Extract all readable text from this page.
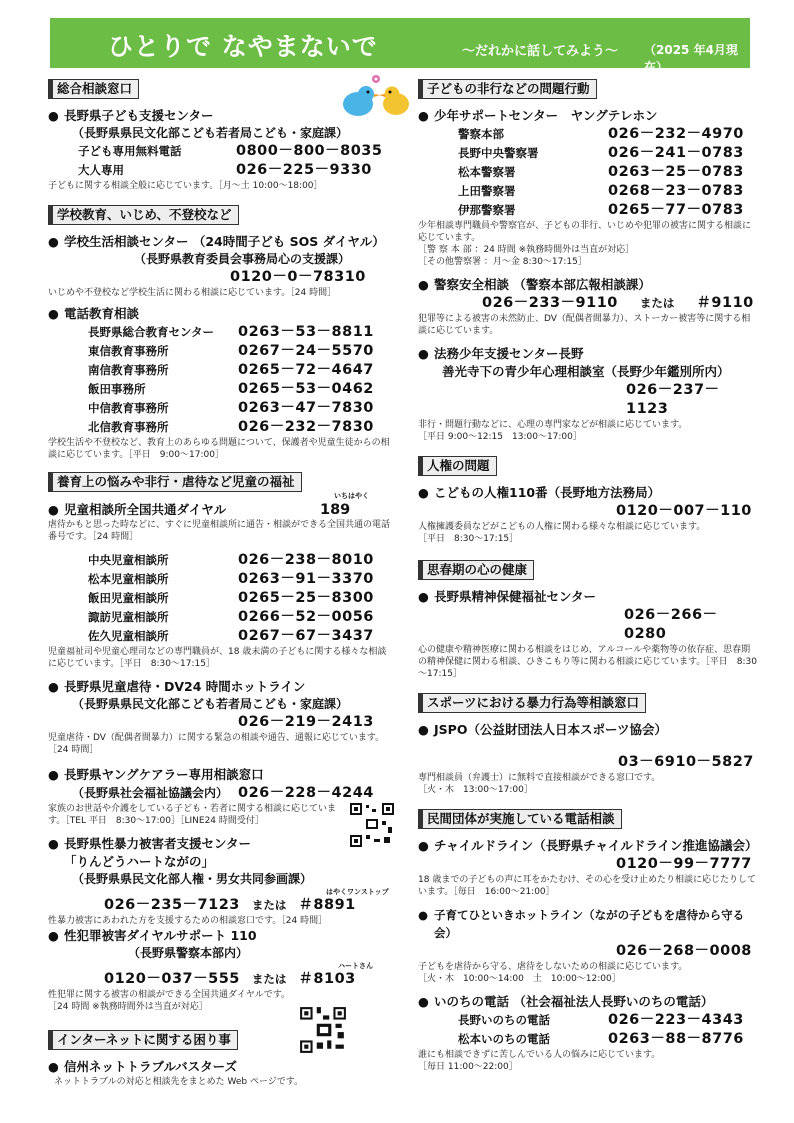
ひとりで なやまないで	～だれかに話してみよう～ （2025 年4月現在）
総合相談窓口
● 長野県子ども支援センター
（長野県県民文化部こども若者局こども・家庭課）
子ども専用無料電話	0800－800－8035
大人専用	026－225－9330
子どもに関する相談全般に応じています。［月～土 10:00～18:00］
学校教育、いじめ、不登校など
● 学校生活相談センター （24時間子ども SOS ダイヤル）
（長野県教育委員会事務局心の支援課）
0120－0－78310
いじめや不登校など学校生活に関わる相談に応じています。［24 時間］
● 電話教育相談
長野県総合教育センター	0263－53－8811
東信教育事務所	0267－24－5570
南信教育事務所	0265－72－4647
飯田事務所	0265－53－0462
中信教育事務所	0263－47－7830
北信教育事務所	026－232－7830
学校生活や不登校など、教育上のあらゆる問題について、保護者や児童生徒からの相談に応じています。［平日　9:00～17:00］
養育上の悩みや非行・虐待など児童の福祉
いちはやく
● 児童相談所全国共通ダイヤル	189
虐待かもと思った時などに、すぐに児童相談所に通告・相談ができる全国共通の電話番号です。［24 時間］
中央児童相談所	026－238－8010
松本児童相談所	0263－91－3370
飯田児童相談所	0265－25－8300
諏訪児童相談所	0266－52－0056
佐久児童相談所	0267－67－3437
児童福祉司や児童心理司などの専門職員が、18 歳未満の子どもに関する様々な相談に応じています。［平日　8:30～17:15］
● 長野県児童虐待・DV24 時間ホットライン
（長野県県民文化部こども若者局こども・家庭課）
026－219－2413
児童虐待・DV（配偶者間暴力）に関する緊急の相談や通告、通報に応じています。［24 時間］
● 長野県ヤングケアラー専用相談窓口
（長野県社会福祉協議会内） 026－228－4244
家族のお世話や介護をしている子ども・若者に関する相談に応じています。［TEL 平日　8:30～17:00］［LINE24 時間受付］
● 長野県性暴力被害者支援センター
「りんどうハートながの」
（長野県県民文化部人権・男女共同参画課）
はやくワンストップ
026－235－7123	または ＃8891
性暴力被害にあわれた方を支援するための相談窓口です。［24 時間］
● 性犯罪被害ダイヤルサポート 110
（長野県警察本部内）
ハートさん
0120－037－555	または ＃8103
性犯罪に関する被害の相談ができる全国共通ダイヤルです。
［24 時間 ※執務時間外は当直が対応］
インターネットに関する困り事
● 信州ネットトラブルバスターズ
ネットトラブルの対応と相談先をまとめた Web ページです。
子どもの非行などの問題行動
● 少年サポートセンター　ヤングテレホン
警察本部	026－232－4970
長野中央警察署	026－241－0783
松本警察署	0263－25－0783
上田警察署	0268－23－0783
伊那警察署	0265－77－0783
少年相談専門職員や警察官が、子どもの非行、いじめや犯罪の被害に関する相談に応じています。
［警 察 本 部 ：24 時間 ※執務時間外は当直が対応］
［その他警察署 ：月～金 8:30～17:15］
● 警察安全相談 （警察本部広報相談課）
026－233－9110	または	＃9110
犯罪等による被害の未然防止、DV（配偶者間暴力）、ストーカー被害等に関する相談に応じています。
● 法務少年支援センター長野
善光寺下の青少年心理相談室（長野少年鑑別所内）
026－237－1123
非行・問題行動などに、心理の専門家などが相談に応じています。
［平日 9:00～12:15　13:00～17:00］
人権の問題
● こどもの人権110番（長野地方法務局）
0120－007－110
人権擁護委員などがこどもの人権に関わる様々な相談に応じています。
［平日　8:30～17:15］
思春期の心の健康
● 長野県精神保健福祉センター
026－266－0280
心の健康や精神医療に関わる相談をはじめ、アルコールや薬物等の依存症、思春期の精神保健に関わる相談、ひきこもり等に関わる相談に応じています。［平日　8:30～17:15］
スポーツにおける暴力行為等相談窓口
● JSPO（公益財団法人日本スポーツ協会）
03－6910－5827
専門相談員（弁護士）に無料で直接相談ができる窓口です。
［火・木　13:00～17:00］
民間団体が実施している電話相談
● チャイルドライン（長野県チャイルドライン推進協議会）
0120－99－7777
18 歳までの子どもの声に耳をかたむけ、その心を受け止めたり相談に応じたりしています。［毎日　16:00～21:00］
● 子育てひといきホットライン（ながの子どもを虐待から守る会）
026－268－0008
子どもを虐待から守る、虐待をしないための相談に応じています。
［火・木　10:00～14:00　土　10:00～12:00］
● いのちの電話 （社会福祉法人長野いのちの電話）
長野いのちの電話	026－223－4343
松本いのちの電話	0263－88－8776
誰にも相談できずに苦しんでいる人の悩みに応じています。
［毎日 11:00～22:00］
